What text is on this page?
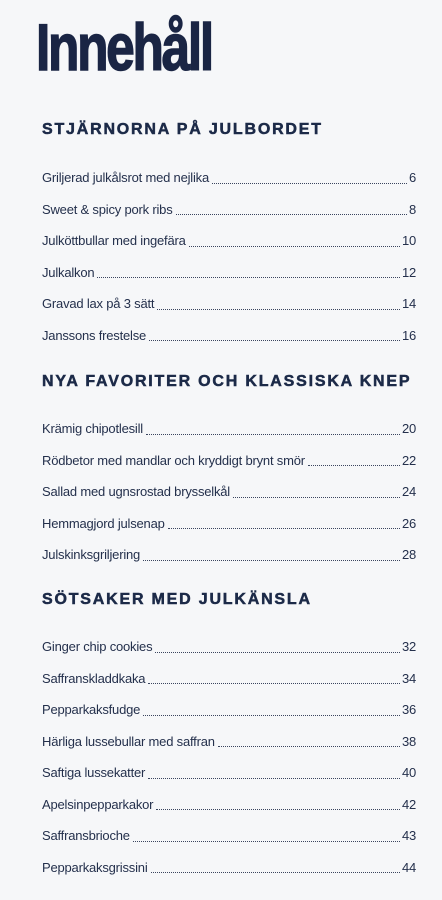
Innehåll
STJÄRNORNA PÅ JULBORDET
Griljerad julkålsrot med nejlika	6
Sweet & spicy pork ribs	8
Julköttbullar med ingefära	10
Julkalkon	12
Gravad lax på 3 sätt	14
Janssons frestelse	16
NYA FAVORITER OCH KLASSISKA KNEP
Krämig chipotlesill	20
Rödbetor med mandlar och kryddigt brynt smör	22
Sallad med ugnsrostad brysselkål	24
Hemmagjord julsenap	26
Julskinksgriljering	28
SÖTSAKER MED JULKÄNSLA
Ginger chip cookies	32
Saffranskladdkaka	34
Pepparkaksfudge	36
Härliga lussebullar med saffran	38
Saftiga lussekatter	40
Apelsinpepparkakor	42
Saffransbrioche	43
Pepparkaksgrissini	44
